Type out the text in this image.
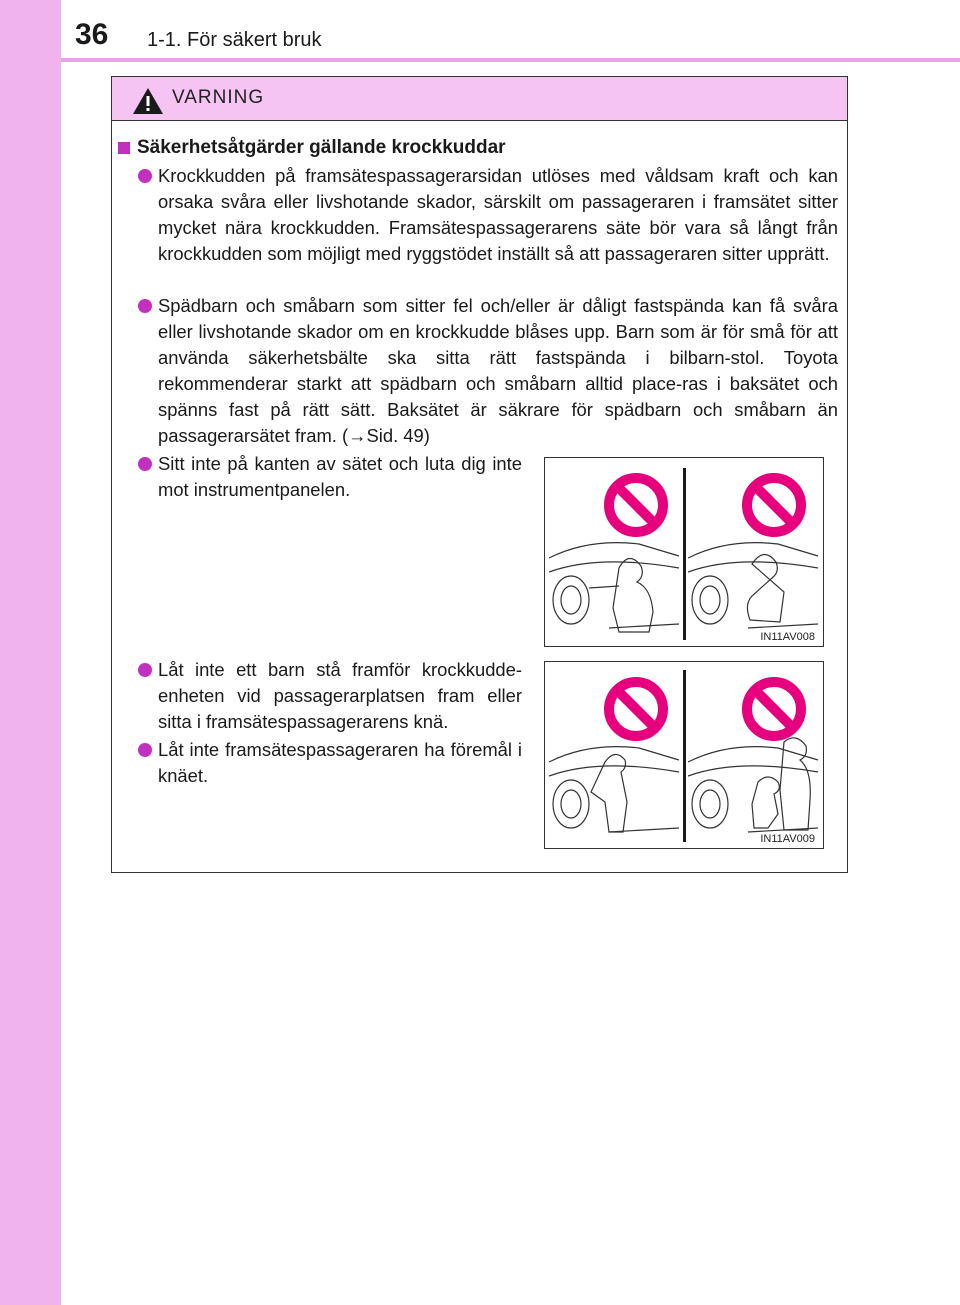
36 1-1. För säkert bruk
VARNING
Säkerhetsåtgärder gällande krockkuddar
Krockkudden på framsätespassagerarsidan utlöses med våldsam kraft och kan orsaka svåra eller livshotande skador, särskilt om passageraren i framsätet sitter mycket nära krockkudden. Framsätespassagerarens säte bör vara så långt från krockkudden som möjligt med ryggstödet inställt så att passageraren sitter upprätt.
Spädbarn och småbarn som sitter fel och/eller är dåligt fastspända kan få svåra eller livshotande skador om en krockkudde blåses upp. Barn som är för små för att använda säkerhetsbälte ska sitta rätt fastspända i bilbarn-stol. Toyota rekommenderar starkt att spädbarn och småbarn alltid place-ras i baksätet och spänns fast på rätt sätt. Baksätet är säkrare för spädbarn och småbarn än passagerarsätet fram. (→Sid. 49)
Sitt inte på kanten av sätet och luta dig inte mot instrumentpanelen.
Låt inte ett barn stå framför krockkudde-enheten vid passagerarplatsen fram eller sitta i framsätespassagerarens knä.
Låt inte framsätespassageraren ha föremål i knäet.
IN11AV008
IN11AV009
